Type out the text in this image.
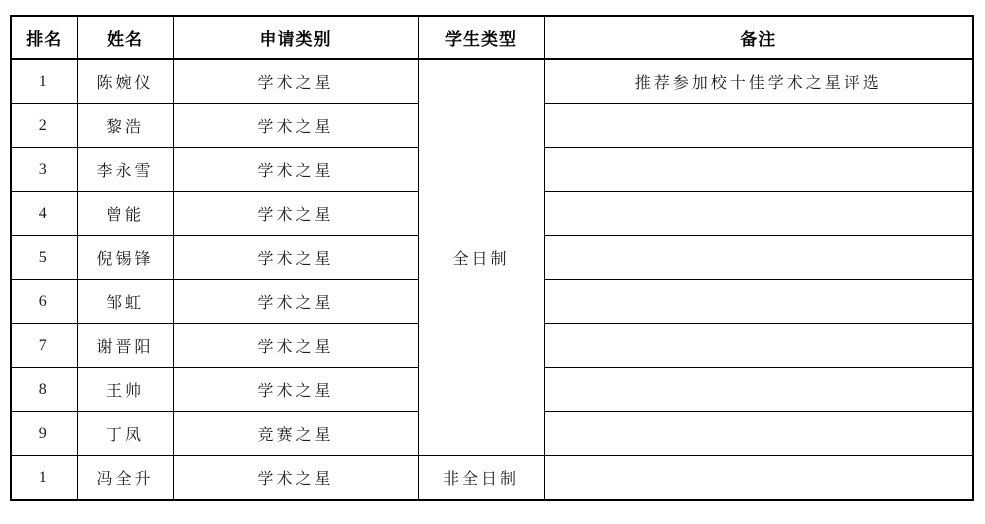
排名	姓名	申请类别	学生类型	备注
1	陈婉仪	学术之星	全日制	推荐参加校十佳学术之星评选
2	黎浩	学术之星		
3	李永雪	学术之星		
4	曾能	学术之星		
5	倪锡锋	学术之星		
6	邹虹	学术之星		
7	谢晋阳	学术之星		
8	王帅	学术之星		
9	丁凤	竞赛之星		
1	冯全升	学术之星	非全日制	
